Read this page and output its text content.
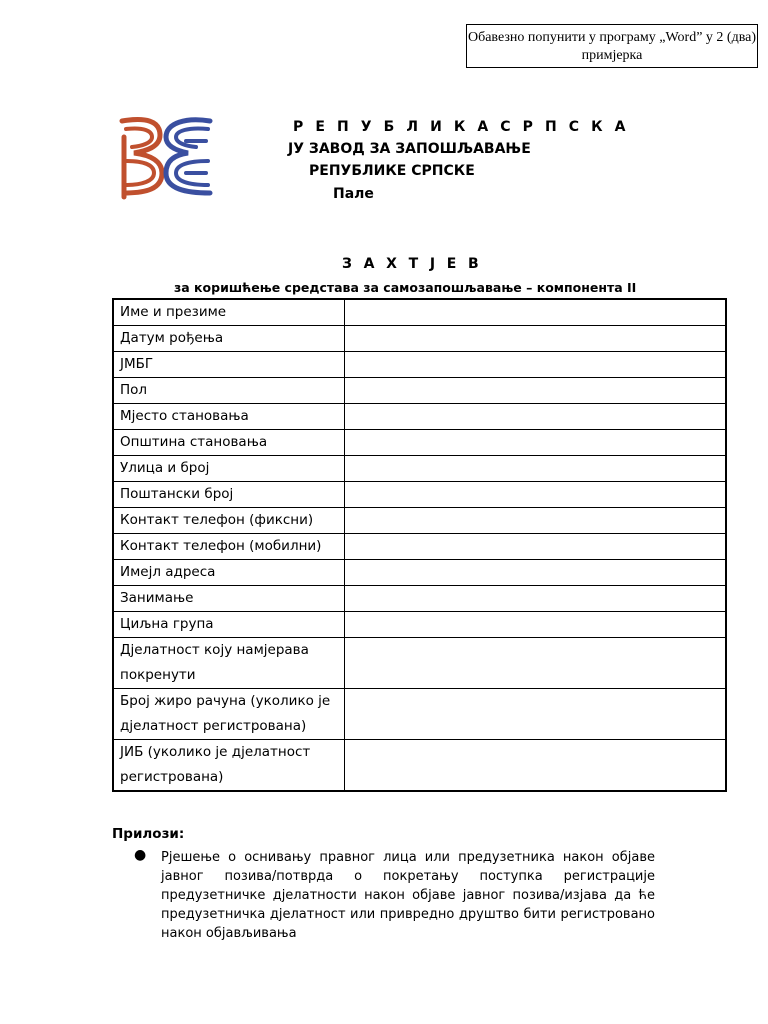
Обавезно попунити у програму „Word” у 2 (два) примјерка
Р Е П У Б Л И К А С Р П С К А
ЈУ ЗАВОД ЗА ЗАПОШЉАВАЊЕ
РЕПУБЛИКЕ СРПСКЕ
Пале
З А Х Т Ј Е В
за коришћење средстава за самозапошљавање – компонента II
Име и презиме	
Датум рођења	
ЈМБГ	
Пол	
Мјесто становања	
Општина становања	
Улица и број	
Поштански број	
Контакт телефон (фиксни)	
Контакт телефон (мобилни)	
Имејл адреса	
Занимање	
Циљна група	
Дјелатност коју намјерава покренути	
Број жиро рачуна (уколико је дјелатност регистрована)	
ЈИБ (уколико је дјелатност регистрована)	
Прилози:
● Рјешење о оснивању правног лица или предузетника након објаве јавног позива/потврда о покретању поступка регистрације предузетничке дјелатности након објаве јавног позива/изјава да ће предузетничка дјелатност или привредно друштво бити регистровано након објављивања
